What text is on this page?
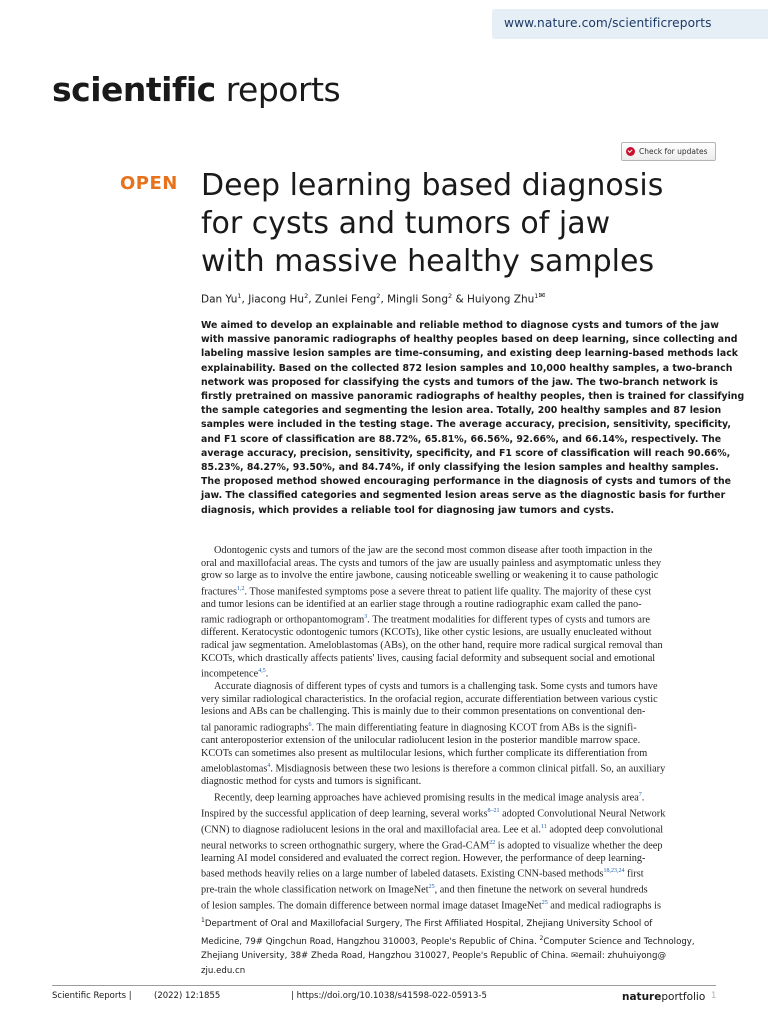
www.nature.com/scientificreports
scientific reports
Check for updates
OPEN Deep learning based diagnosis
for cysts and tumors of jaw
with massive healthy samples
Dan Yu$^1$, Jiacong Hu$^2$, Zunlei Feng$^2$, Mingli Song$^2$ & Huiyong Zhu$^{1✉}$
We aimed to develop an explainable and reliable method to diagnose cysts and tumors of the jaw
with massive panoramic radiographs of healthy peoples based on deep learning, since collecting and
labeling massive lesion samples are time-consuming, and existing deep learning-based methods lack
explainability. Based on the collected 872 lesion samples and 10,000 healthy samples, a two-branch
network was proposed for classifying the cysts and tumors of the jaw. The two-branch network is
firstly pretrained on massive panoramic radiographs of healthy peoples, then is trained for classifying
the sample categories and segmenting the lesion area. Totally, 200 healthy samples and 87 lesion
samples were included in the testing stage. The average accuracy, precision, sensitivity, specificity,
and F1 score of classification are 88.72%, 65.81%, 66.56%, 92.66%, and 66.14%, respectively. The
average accuracy, precision, sensitivity, specificity, and F1 score of classification will reach 90.66%,
85.23%, 84.27%, 93.50%, and 84.74%, if only classifying the lesion samples and healthy samples.
The proposed method showed encouraging performance in the diagnosis of cysts and tumors of the
jaw. The classified categories and segmented lesion areas serve as the diagnostic basis for further
diagnosis, which provides a reliable tool for diagnosing jaw tumors and cysts.
Odontogenic cysts and tumors of the jaw are the second most common disease after tooth impaction in the
oral and maxillofacial areas. The cysts and tumors of the jaw are usually painless and asymptomatic unless they
grow so large as to involve the entire jawbone, causing noticeable swelling or weakening it to cause pathologic
fractures$^{1,2}$. Those manifested symptoms pose a severe threat to patient life quality. The majority of these cyst
and tumor lesions can be identified at an earlier stage through a routine radiographic exam called the pano-
ramic radiograph or orthopantomogram$^3$. The treatment modalities for different types of cysts and tumors are
different. Keratocystic odontogenic tumors (KCOTs), like other cystic lesions, are usually enucleated without
radical jaw segmentation. Ameloblastomas (ABs), on the other hand, require more radical surgical removal than
KCOTs, which drastically affects patients' lives, causing facial deformity and subsequent social and emotional
incompetence$^{4,5}$.
Accurate diagnosis of different types of cysts and tumors is a challenging task. Some cysts and tumors have
very similar radiological characteristics. In the orofacial region, accurate differentiation between various cystic
lesions and ABs can be challenging. This is mainly due to their common presentations on conventional den-
tal panoramic radiographs$^6$. The main differentiating feature in diagnosing KCOT from ABs is the signifi-
cant anteroposterior extension of the unilocular radiolucent lesion in the posterior mandible marrow space.
KCOTs can sometimes also present as multilocular lesions, which further complicate its differentiation from
ameloblastomas$^4$. Misdiagnosis between these two lesions is therefore a common clinical pitfall. So, an auxiliary
diagnostic method for cysts and tumors is significant.
Recently, deep learning approaches have achieved promising results in the medical image analysis area$^7$.
Inspired by the successful application of deep learning, several works$^{8-21}$ adopted Convolutional Neural Network
(CNN) to diagnose radiolucent lesions in the oral and maxillofacial area. Lee et al.$^{11}$ adopted deep convolutional
neural networks to screen orthognathic surgery, where the Grad-CAM$^{22}$ is adopted to visualize whether the deep
learning AI model considered and evaluated the correct region. However, the performance of deep learning-
based methods heavily relies on a large number of labeled datasets. Existing CNN-based methods$^{18,23,24}$ first
pre-train the whole classification network on ImageNet$^{25}$, and then finetune the network on several hundreds
of lesion samples. The domain difference between normal image dataset ImageNet$^{25}$ and medical radiographs is
$^1$Department of Oral and Maxillofacial Surgery, The First Affiliated Hospital, Zhejiang University School of
Medicine, 79# Qingchun Road, Hangzhou 310003, People's Republic of China. $^2$Computer Science and Technology,
Zhejiang University, 38# Zheda Road, Hangzhou 310027, People's Republic of China. ✉email: zhuhuiyong@
zju.edu.cn
Scientific Reports |	(2022) 12:1855	| https://doi.org/10.1038/s41598-022-05913-5	natureportfolio 1
